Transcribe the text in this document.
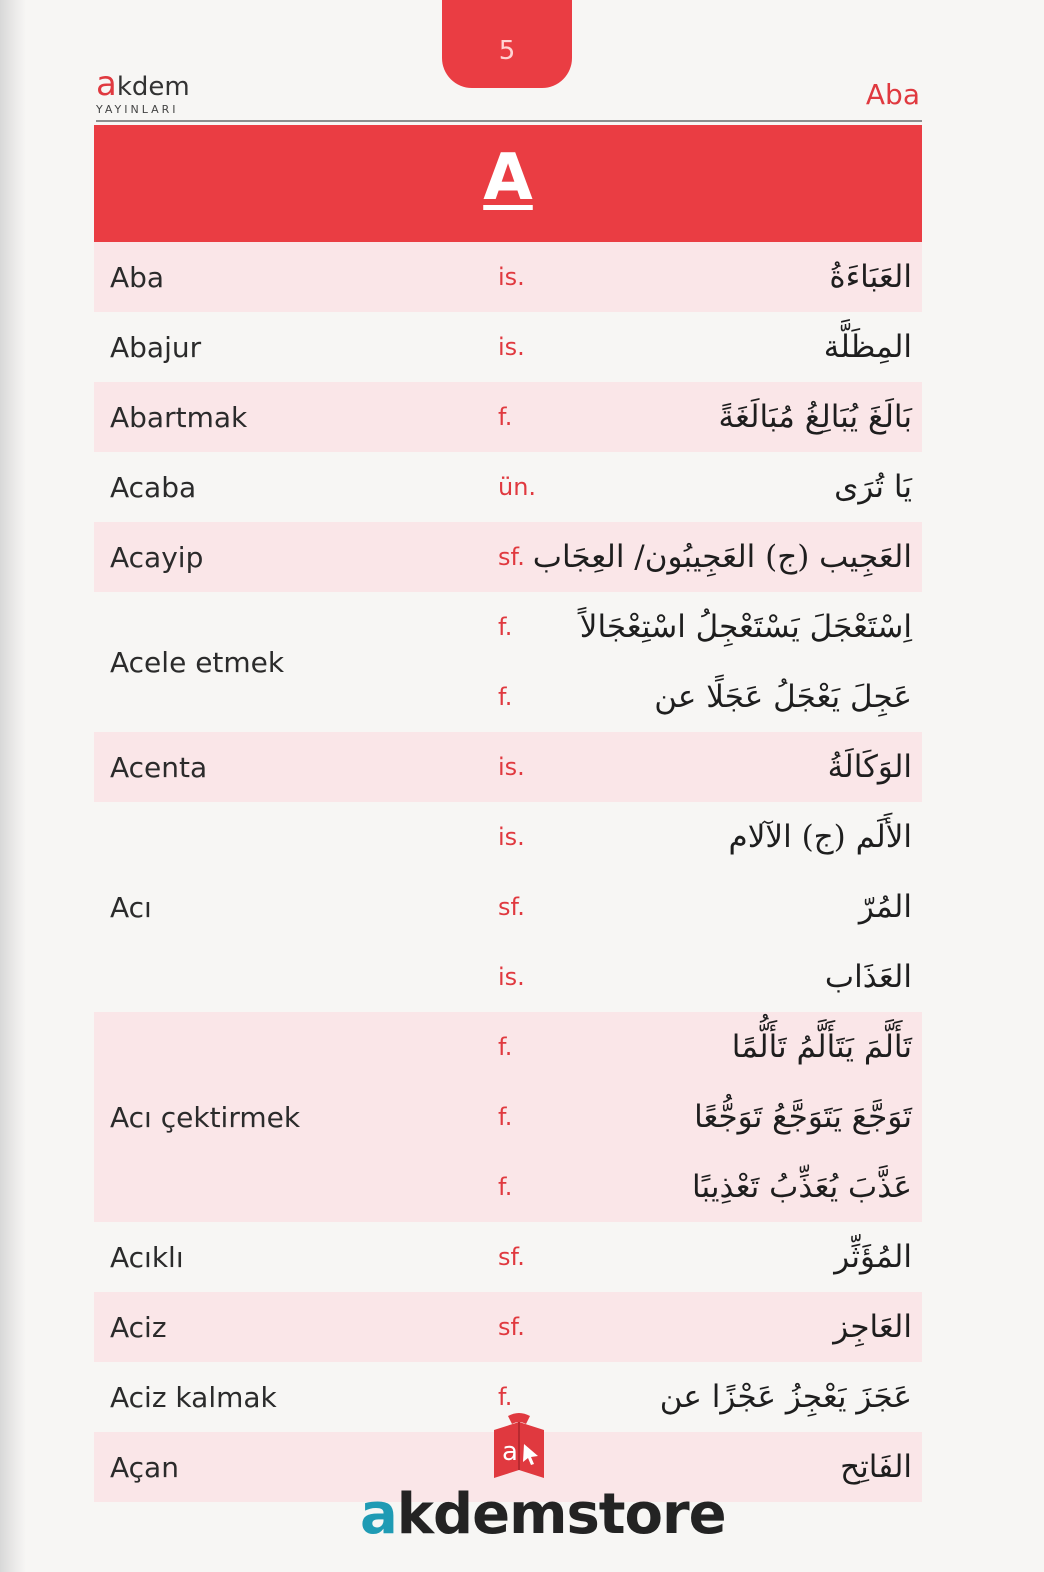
5
akdem
YAYINLARI	Aba
A
Aba	is.	العَبَاءَةُ
Abajur	is.	المِظَلَّة
Abartmak	f.	بَالَغَ يُبَالِغُ مُبَالَغَةً
Acaba	ün.	يَا تُرَى
Acayip	sf. العَجِيب (ج) العَجِيبُون/ العِجَاب
Acele etmek
f. اِسْتَعْجَلَ يَسْتَعْجِلُ اسْتِعْجَالاً
f.	عَجِلَ يَعْجَلُ عَجَلًا عن
Acenta	is.	الوَكَالَةُ
Acı
is.	الأَلَم (ج) الآلام
sf.	المُرّ
is.	العَذَاب
Acı çektirmek
f.	تَأَلَّمَ يَتَأَلَّمُ تَأَلُّمًا
f.	تَوَجَّعَ يَتَوَجَّعُ تَوَجُّعًا
f.	عَذَّبَ يُعَذِّبُ تَعْذِيبًا
Acıklı	sf.	المُؤَثِّر
Aciz	sf.	العَاجِز
Aciz kalmak	f.	عَجَزَ يَعْجِزُ عَجْزًا عن
Açan	الفَاتِح
a
akdemstore
